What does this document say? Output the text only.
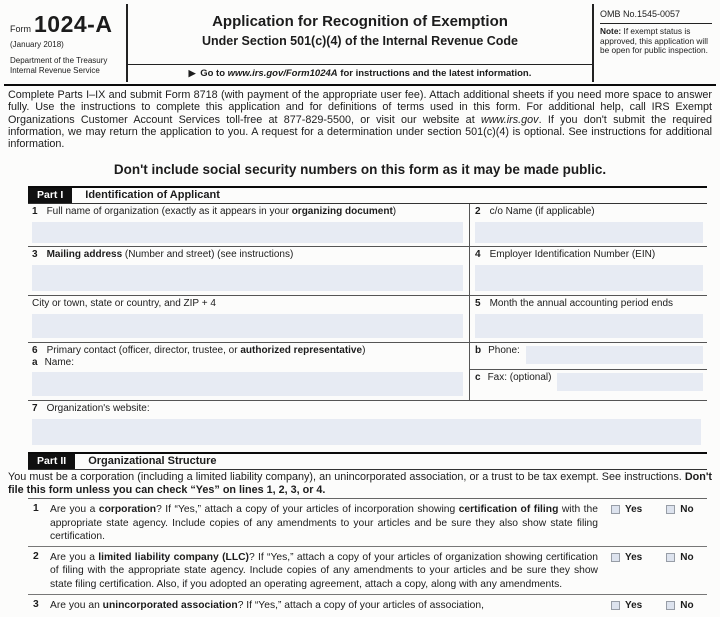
Form 1024-A
(January 2018)
Department of the Treasury
Internal Revenue Service
Application for Recognition of Exemption
Under Section 501(c)(4) of the Internal Revenue Code
▶ Go to www.irs.gov/Form1024A for instructions and the latest information.
OMB No.1545-0057
Note: If exempt status is approved, this application will be open for public inspection.
Complete Parts I–IX and submit Form 8718 (with payment of the appropriate user fee). Attach additional sheets if you need more space to answer fully. Use the instructions to complete this application and for definitions of terms used in this form. For additional help, call IRS Exempt Organizations Customer Account Services toll-free at 877-829-5500, or visit our website at www.irs.gov. If you don't submit the required information, we may return the application to you. A request for a determination under section 501(c)(4) is optional. See instructions for additional information.
Don't include social security numbers on this form as it may be made public.
Part I	Identification of Applicant
1 Full name of organization (exactly as it appears in your organizing document)	2 c/o Name (if applicable)
3 Mailing address (Number and street) (see instructions)	4 Employer Identification Number (EIN)
City or town, state or country, and ZIP + 4	5 Month the annual accounting period ends
6 Primary contact (officer, director, trustee, or authorized representative)
a Name:
b Phone:
c Fax: (optional)
7 Organization's website:
Part II	Organizational Structure
You must be a corporation (including a limited liability company), an unincorporated association, or a trust to be tax exempt. See instructions. Don't file this form unless you can check “Yes” on lines 1, 2, 3, or 4.
1	Are you a corporation? If “Yes,” attach a copy of your articles of incorporation showing certification of filing with the appropriate state agency. Include copies of any amendments to your articles and be sure they also show state filing certification.
Yes	No
2	Are you a limited liability company (LLC)? If “Yes,” attach a copy of your articles of organization showing certification of filing with the appropriate state agency. Include copies of any amendments to your articles and be sure they show state filing certification. Also, if you adopted an operating agreement, attach a copy, along with any amendments.
Yes	No
3	Are you an unincorporated association? If “Yes,” attach a copy of your articles of association,	Yes	No
